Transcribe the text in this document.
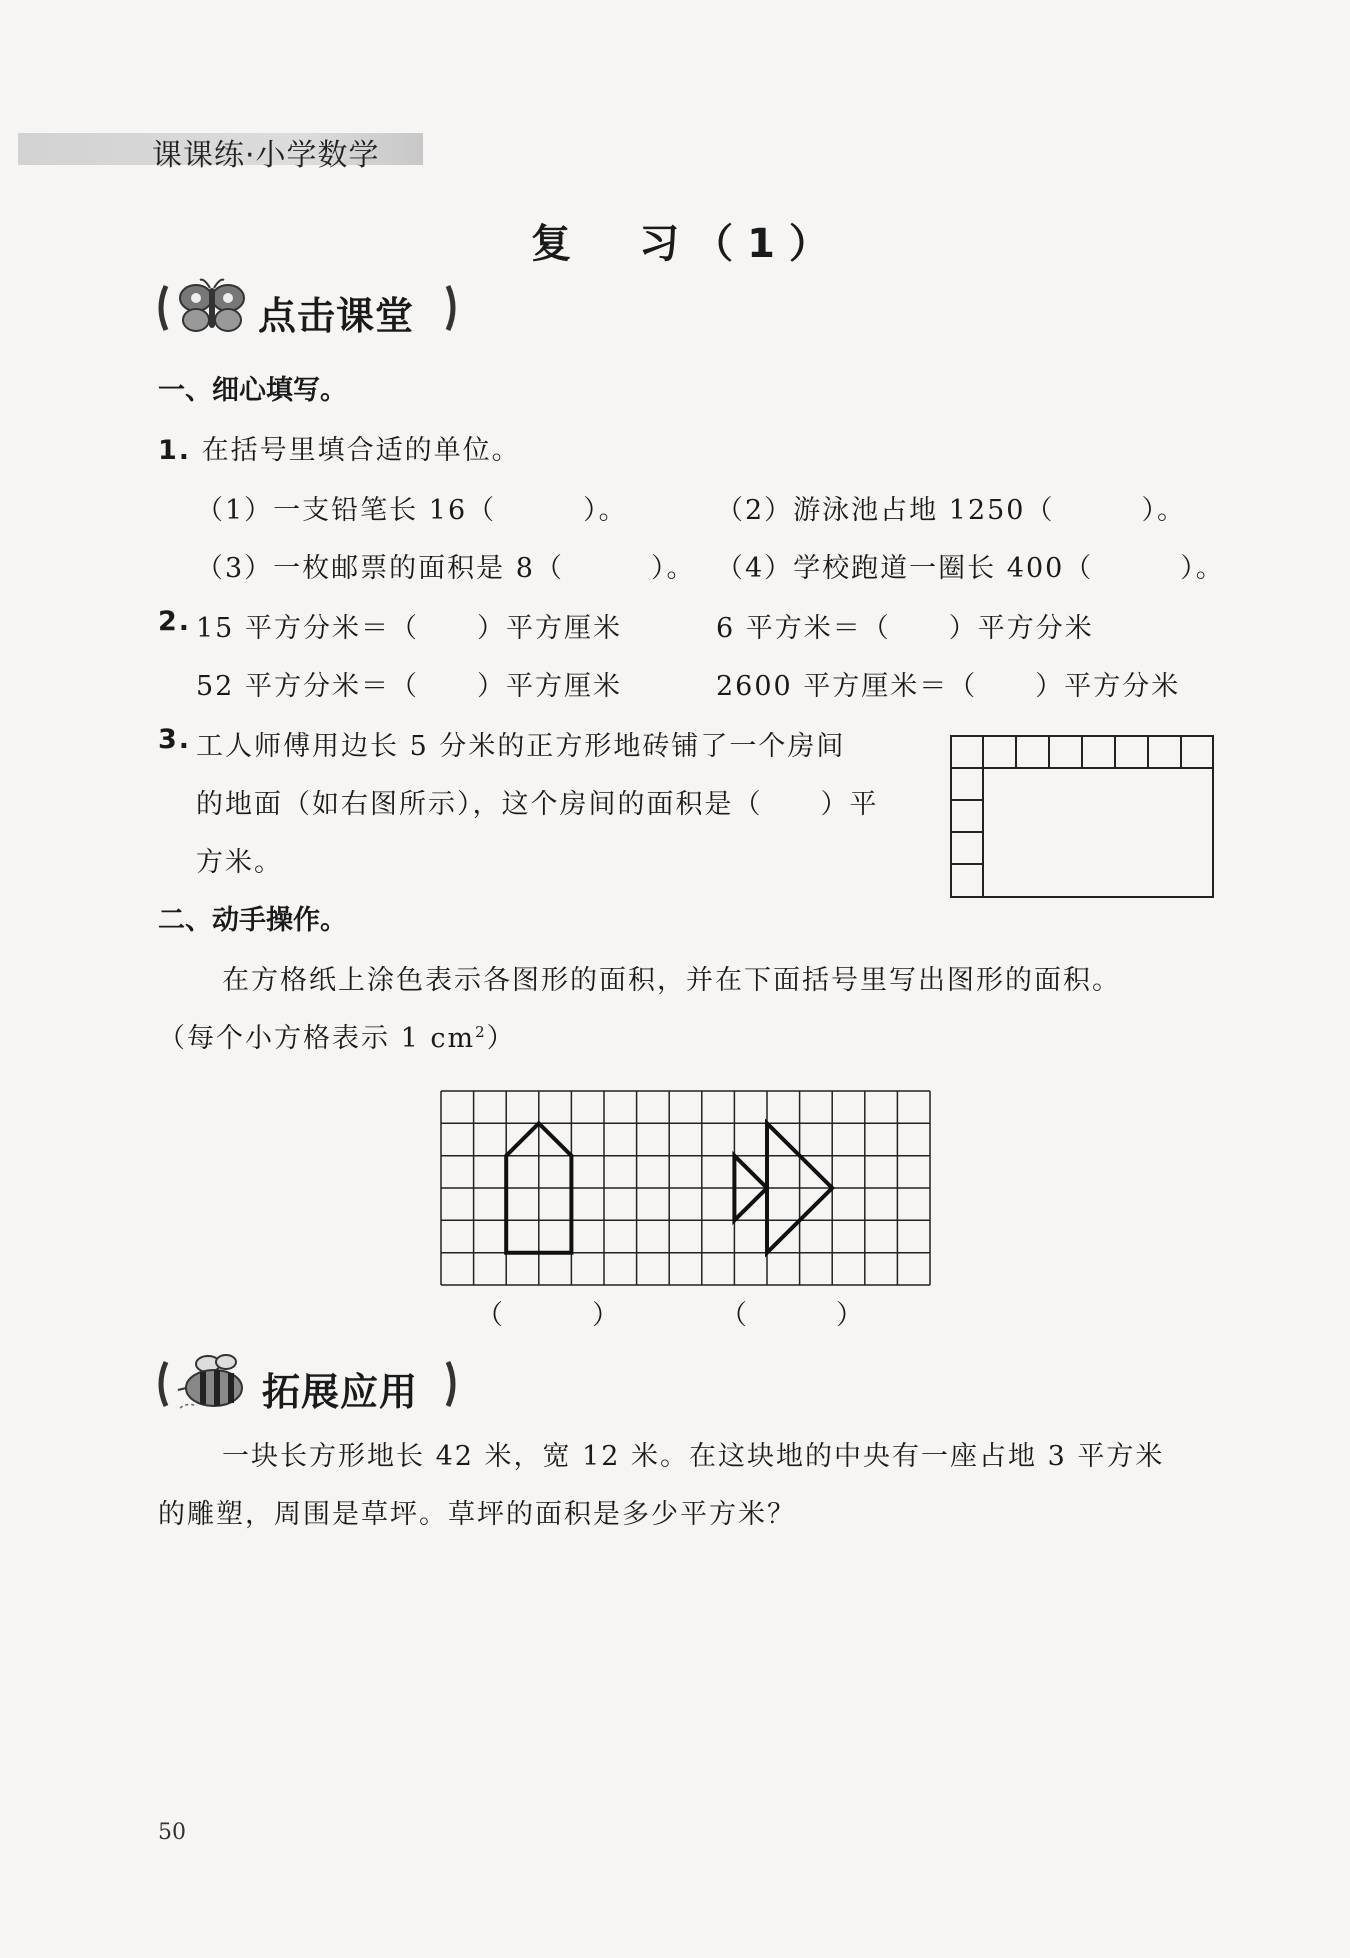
课课练·小学数学
复　习（1）
点击课堂
一、细心填写。
1. 在括号里填合适的单位。
（1）一支铅笔长 16（　　　）。	（2）游泳池占地 1250（　　　）。
（3）一枚邮票的面积是 8（　　　）。 （4）学校跑道一圈长 400（　　　）。
2. 15 平方分米＝（　　）平方厘米	6 平方米＝（　　）平方分米
52 平方分米＝（　　）平方厘米	2600 平方厘米＝（　　）平方分米
3. 工人师傅用边长 5 分米的正方形地砖铺了一个房间
的地面（如右图所示），这个房间的面积是（　　）平
方米。
二、动手操作。
在方格纸上涂色表示各图形的面积，并在下面括号里写出图形的面积。
（每个小方格表示 1 $cm^2$）
（　　　）	（　　　）
拓展应用
一块长方形地长 42 米，宽 12 米。在这块地的中央有一座占地 3 平方米
的雕塑，周围是草坪。草坪的面积是多少平方米？
50
